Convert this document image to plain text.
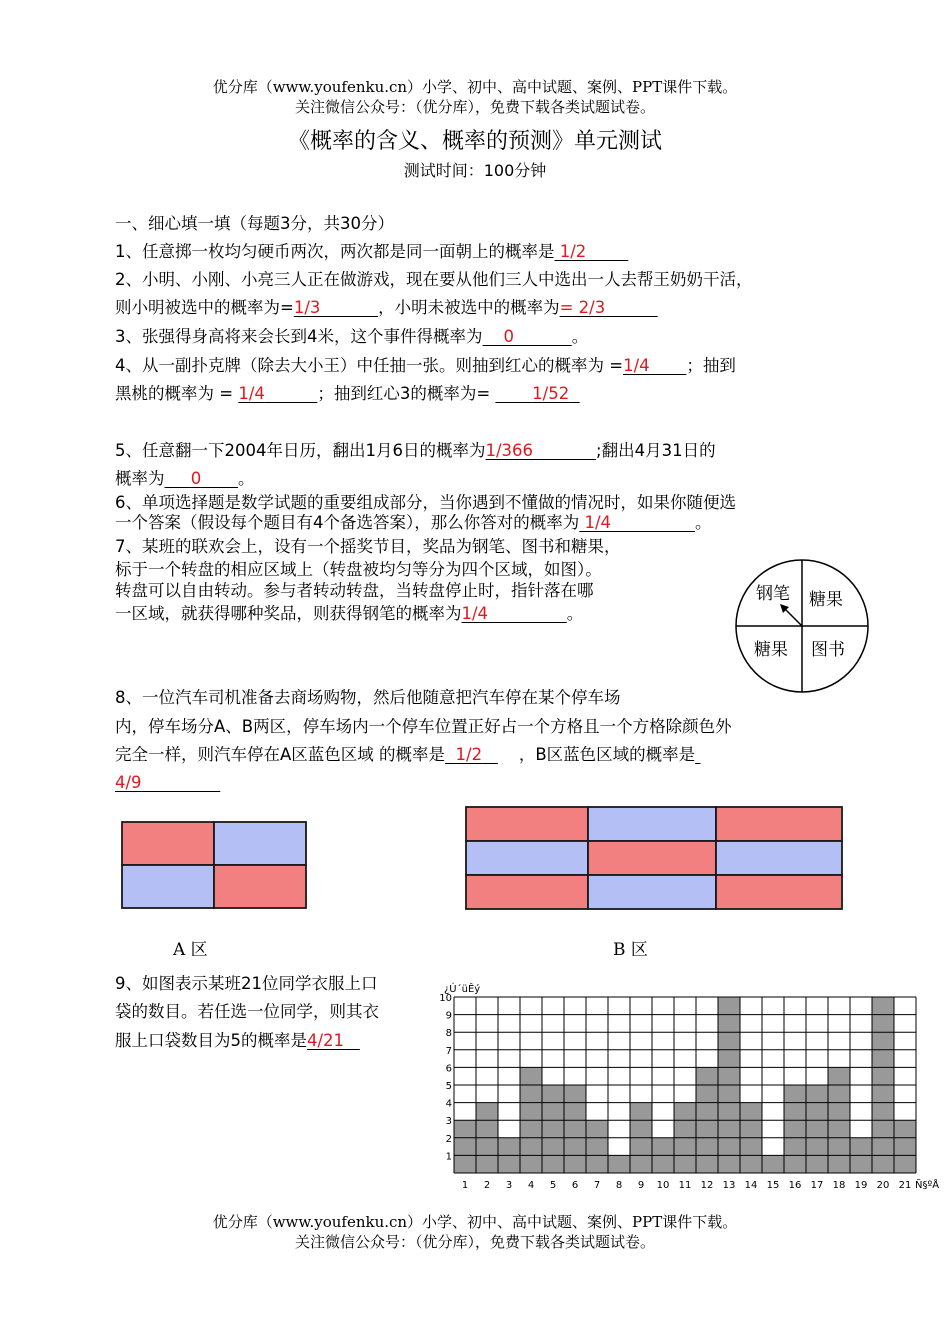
优分库（www.youfenku.cn）小学、初中、高中试题、案例、PPT课件下载。
关注微信公众号：（优分库），免费下载各类试题试卷。
《概率的含义、概率的预测》单元测试
测试时间：100分钟
一、细心填一填（每题3分，共30分）
1、任意掷一枚均匀硬币两次，两次都是同一面朝上的概率是 1/2
2、小明、小刚、小亮三人正在做游戏，现在要从他们三人中选出一人去帮王奶奶干活，
则小明被选中的概率为=1/3	，小明未被选中的概率为= 2/3
3、张强得身高将来会长到4米，这个事件得概率为 0	。
4、从一副扑克牌（除去大小王）中任抽一张。则抽到红心的概率为 =1/4 ；抽到
黑桃的概率为 = 1/4	；抽到红心3的概率为=        1/52
5、任意翻一下2004年日历，翻出1月6日的概率为1/366	;翻出4月31日的
概率为 0 。
6、单项选择题是数学试题的重要组成部分，当你遇到不懂做的情况时，如果你随便选
一个答案（假设每个题目有4个备选答案），那么你答对的概率为 1/4	。
7、某班的联欢会上，设有一个摇奖节目，奖品为钢笔、图书和糖果，
标于一个转盘的相应区域上（转盘被均匀等分为四个区域，如图）。
转盘可以自由转动。参与者转动转盘，当转盘停止时，指针落在哪
一区域，就获得哪种奖品，则获得钢笔的概率为1/4	。
钢笔 糖果
糖果 图书
8、一位汽车司机准备去商场购物，然后他随意把汽车停在某个停车场
内，停车场分A、B两区，停车场内一个停车位置正好占一个方格且一个方格除颜色外
完全一样，则汽车停在A区蓝色区域 的概率是 1/2 ，B区蓝色区域的概率是
4/9
A 区	B 区
9、如图表示某班21位同学衣服上口
袋的数目。若任选一位同学，则其衣
服上口袋数目为5的概率是4/21
¿Ú´üÊý
1
2
3
4
5
6
7
8
9
10
1 2 3 4 5 6 7 8 9 10 11 12 13 14 15 16 17 18 19 20 21 Ñ§ºÅ
优分库（www.youfenku.cn）小学、初中、高中试题、案例、PPT课件下载。
关注微信公众号：（优分库），免费下载各类试题试卷。
